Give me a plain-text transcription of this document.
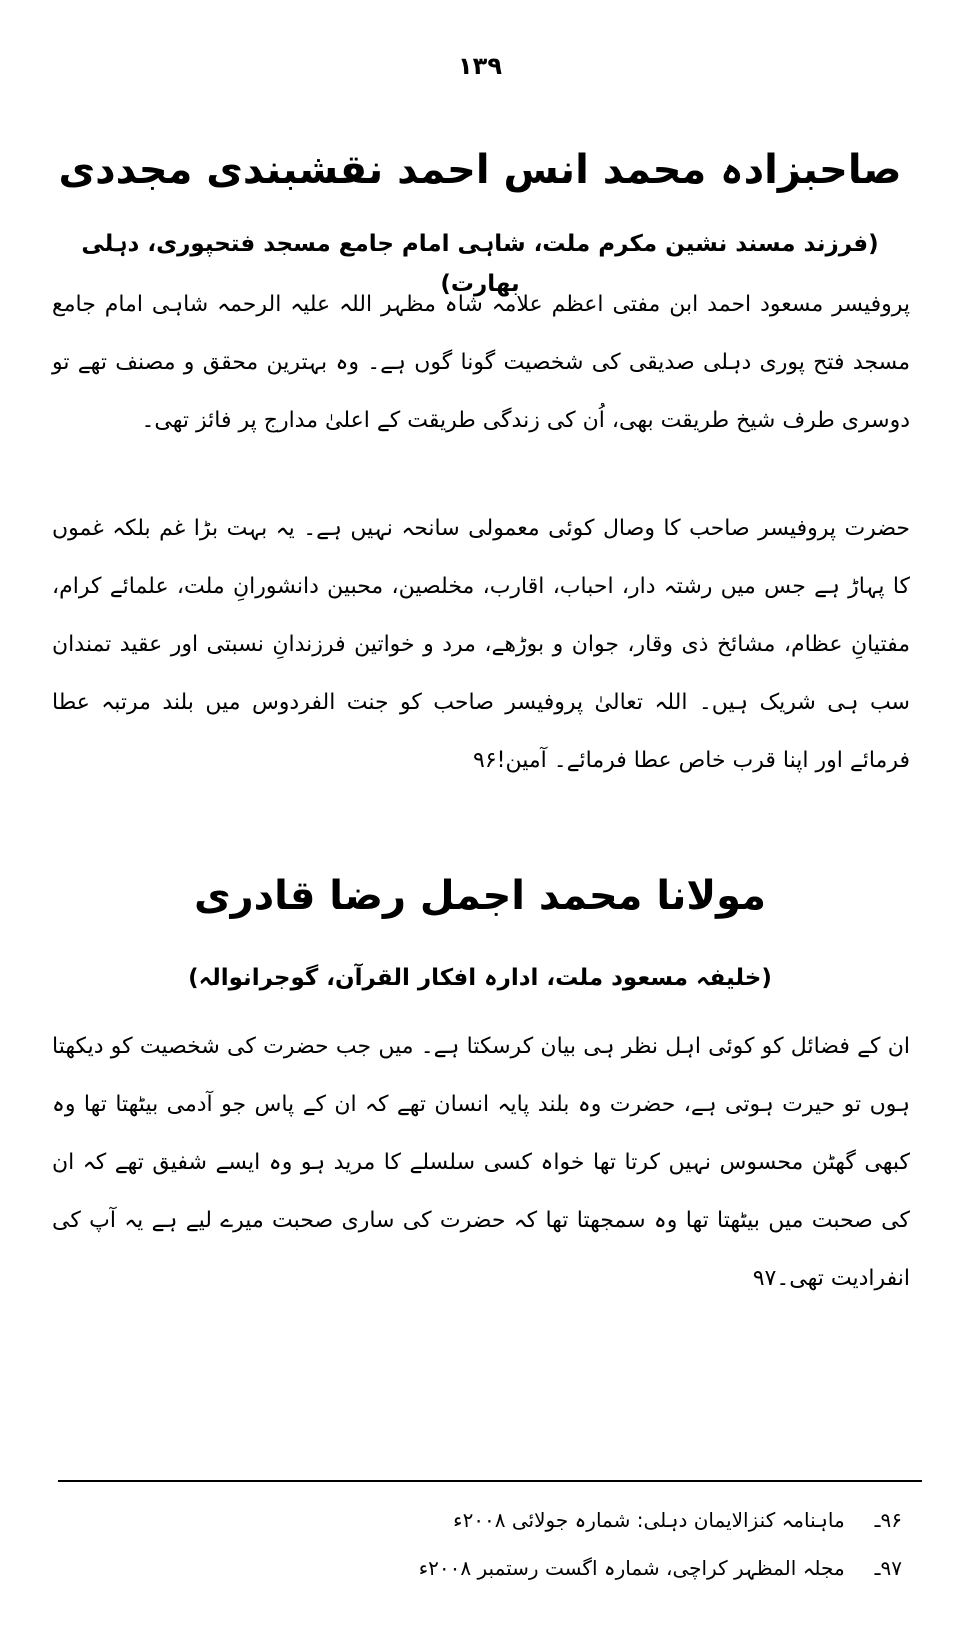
۱۳۹
صاحبزادہ محمد انس احمد نقشبندی مجددی
(فرزند مسند نشین مکرم ملت، شاہی امام جامع مسجد فتحپوری، دہلی بھارت)
پروفیسر مسعود احمد ابن مفتی اعظم علامہ شاہ مظہر اللہ علیہ الرحمہ شاہی امام جامع مسجد فتح پوری دہلی صدیقی کی شخصیت گونا گوں ہے۔ وہ بہترین محقق و مصنف تھے تو دوسری طرف شیخ طریقت بھی، اُن کی زندگی طریقت کے اعلیٰ مدارج پر فائز تھی۔
حضرت پروفیسر صاحب کا وصال کوئی معمولی سانحہ نہیں ہے۔ یہ بہت بڑا غم بلکہ غموں کا پہاڑ ہے جس میں رشتہ دار، احباب، اقارب، مخلصین، محبین دانشورانِ ملت، علمائے کرام، مفتیانِ عظام، مشائخ ذی وقار، جوان و بوڑھے، مرد و خواتین فرزندانِ نسبتی اور عقید تمندان سب ہی شریک ہیں۔ اللہ تعالیٰ پروفیسر صاحب کو جنت الفردوس میں بلند مرتبہ عطا فرمائے اور اپنا قرب خاص عطا فرمائے۔ آمین!۹۶
مولانا محمد اجمل رضا قادری
(خلیفہ مسعود ملت، ادارہ افکار القرآن، گوجرانوالہ)
ان کے فضائل کو کوئی اہل نظر ہی بیان کرسکتا ہے۔ میں جب حضرت کی شخصیت کو دیکھتا ہوں تو حیرت ہوتی ہے، حضرت وہ بلند پایہ انسان تھے کہ ان کے پاس جو آدمی بیٹھتا تھا وہ کبھی گھٹن محسوس نہیں کرتا تھا خواہ کسی سلسلے کا مرید ہو وہ ایسے شفیق تھے کہ ان کی صحبت میں بیٹھتا تھا وہ سمجھتا تھا کہ حضرت کی ساری صحبت میرے لیے ہے یہ آپ کی انفرادیت تھی۔۹۷
۹۶ـ
ماہنامہ کنزالایمان دہلی: شمارہ جولائی ۲۰۰۸ء
۹۷ـ
مجلہ المظہر کراچی، شمارہ اگست رستمبر ۲۰۰۸ء
